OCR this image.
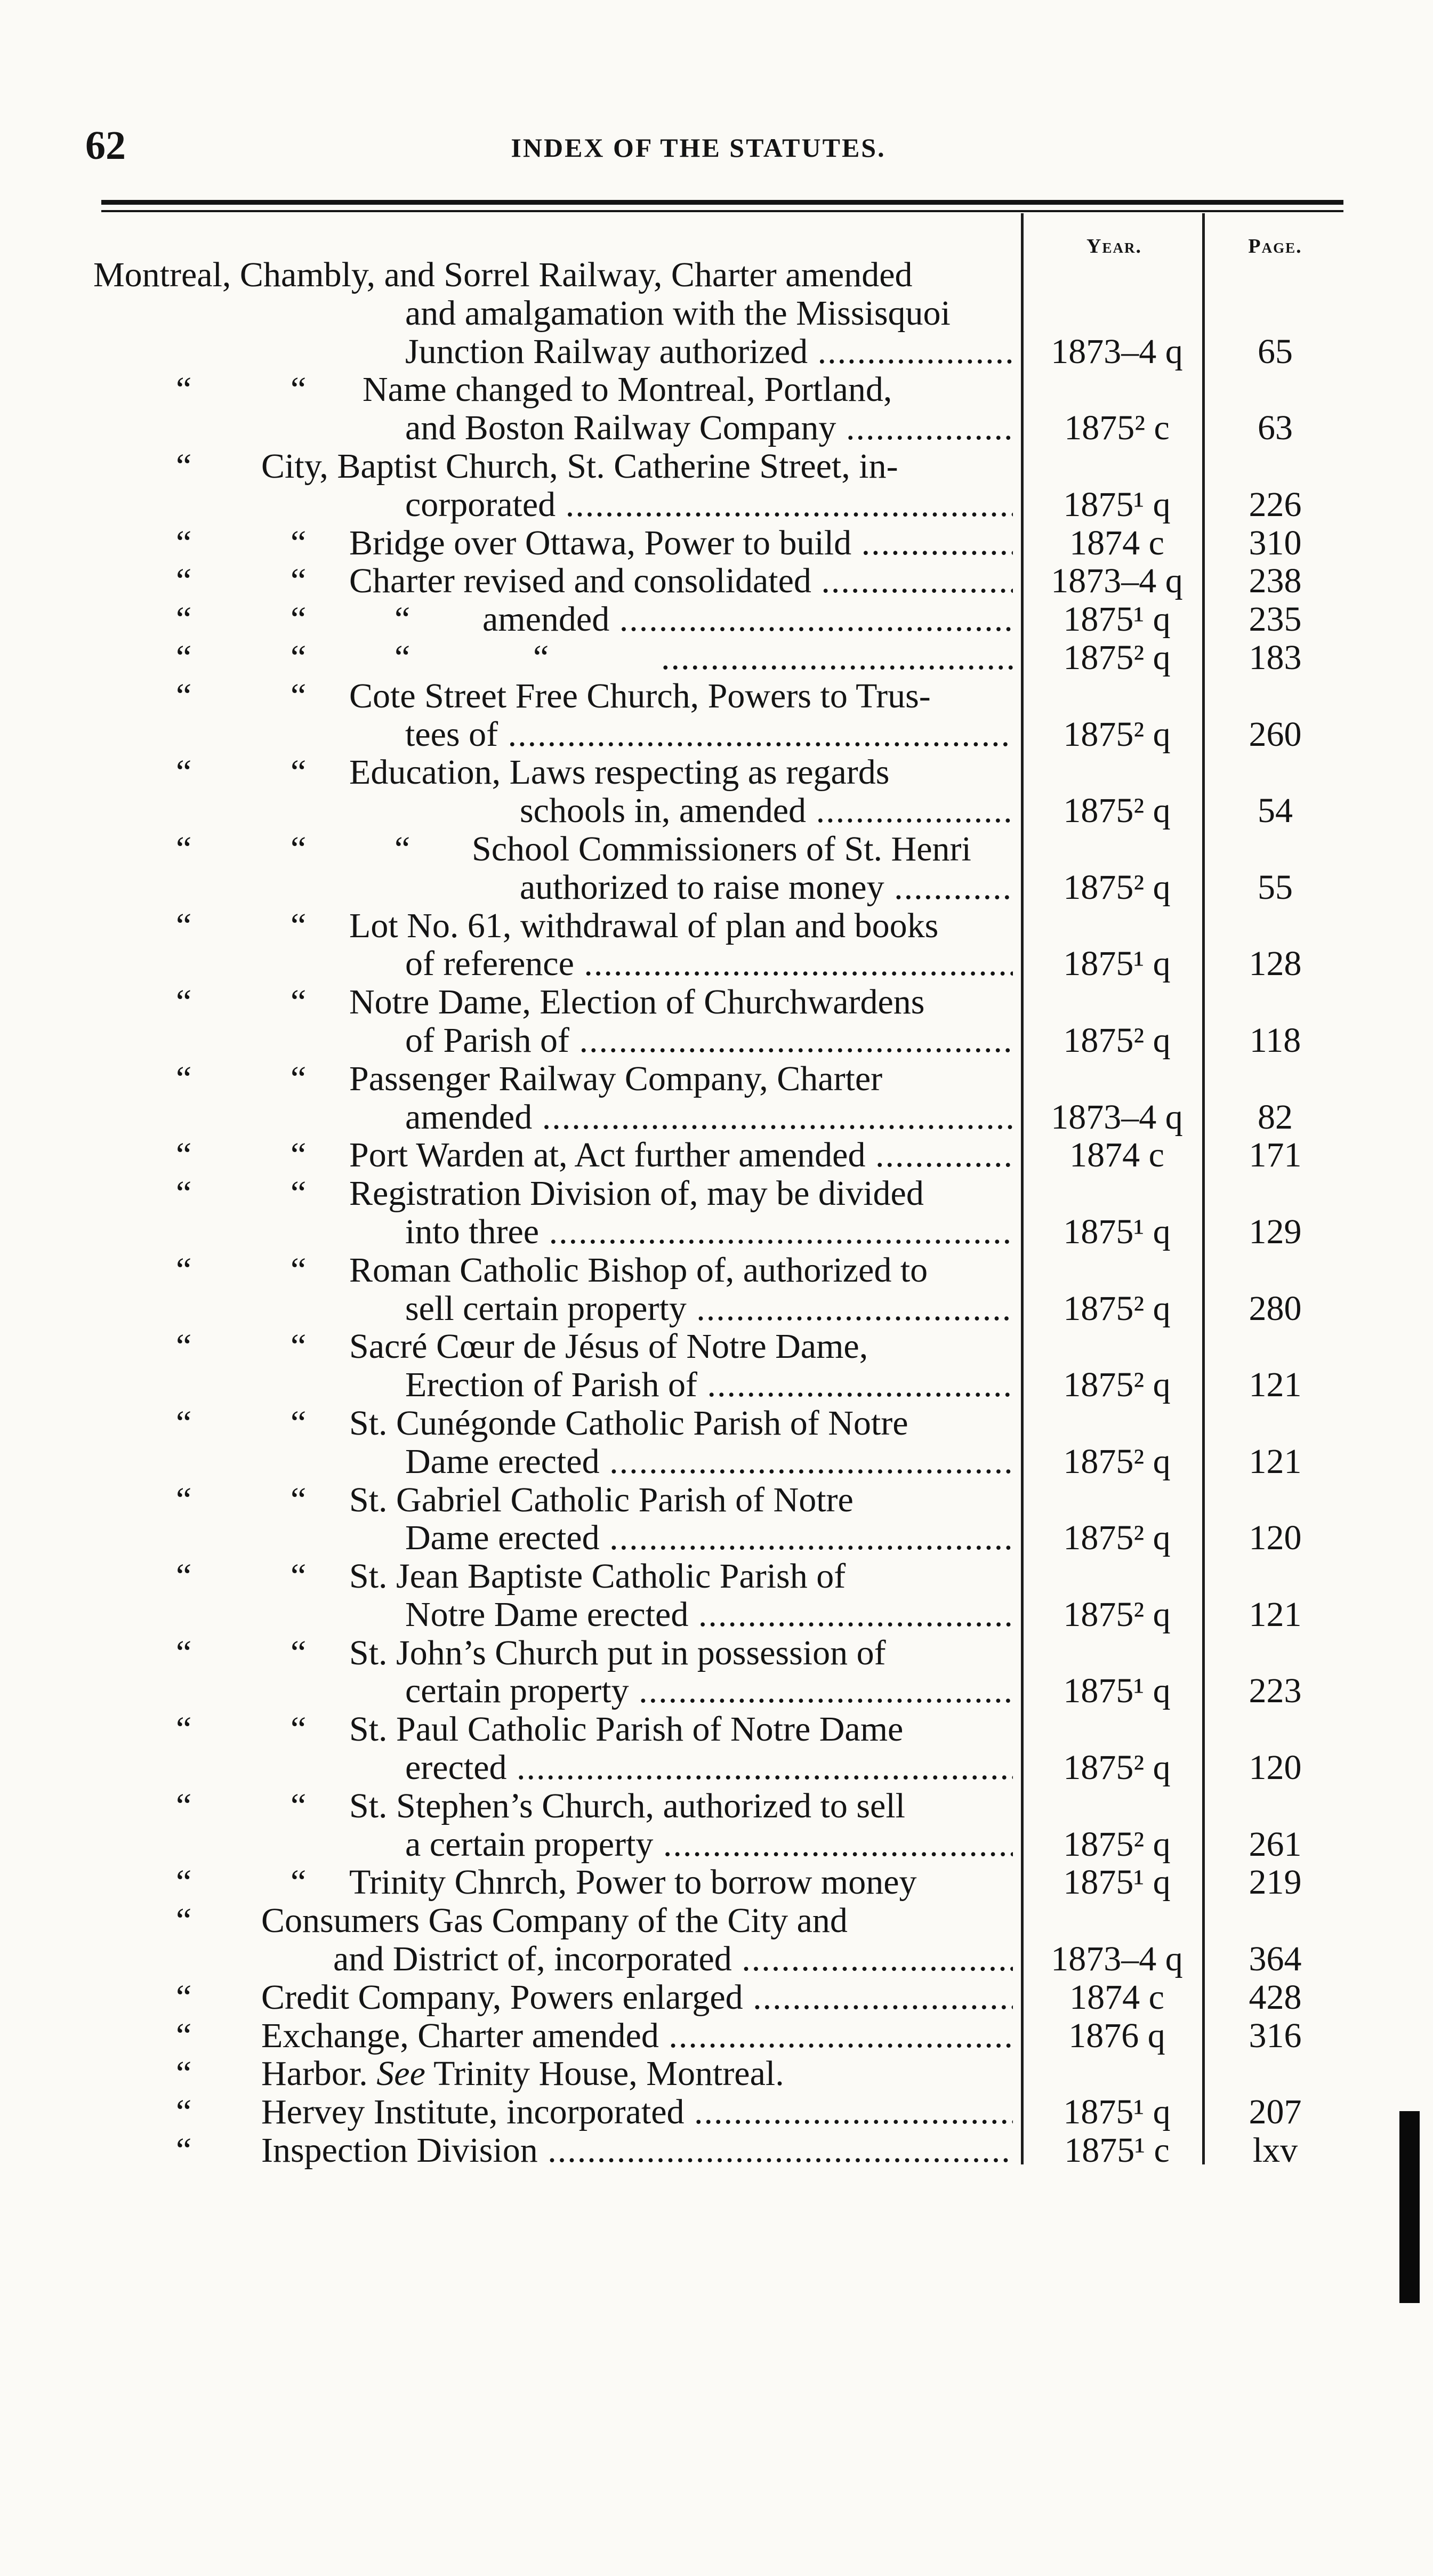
62	INDEX OF THE STATUTES.
Year.	Page.
Montreal, Chambly, and Sorrel Railway, Charter amended
and amalgamation with the Missisquoi
Junction Railway authorized .....	1873–4 q	65
“	“ Name changed to Montreal, Portland,
and Boston Railway Company .....	1875² c	63
“ City, Baptist Church, St. Catherine Street, in-
corporated .....	1875¹ q	226
“	“ Bridge over Ottawa, Power to build .....	1874 c	310
“	“ Charter revised and consolidated .....	1873–4 q	238
“	“	“ amended .....	1875¹ q	235
“	“	“	“
.....	1875² q	183
“	“ Cote Street Free Church, Powers to Trus-
tees of .....	1875² q	260
“	“ Education, Laws respecting as regards
schools in, amended .....	1875² q	54
“	“	“ School Commissioners of St. Henri
authorized to raise money .....	1875² q	55
“	“ Lot No. 61, withdrawal of plan and books
of reference .....	1875¹ q	128
“	“ Notre Dame, Election of Churchwardens
of Parish of .....	1875² q	118
“	“ Passenger Railway Company, Charter
amended .....	1873–4 q	82
“	“ Port Warden at, Act further amended .....	1874 c	171
“	“ Registration Division of, may be divided
into three .....	1875¹ q	129
“	“ Roman Catholic Bishop of, authorized to
sell certain property .....	1875² q	280
“	“ Sacré Cœur de Jésus of Notre Dame,
Erection of Parish of .....	1875² q	121
“	“ St. Cunégonde Catholic Parish of Notre
Dame erected .....	1875² q	121
“	“ St. Gabriel Catholic Parish of Notre
Dame erected .....	1875² q	120
“	“ St. Jean Baptiste Catholic Parish of
Notre Dame erected .....	1875² q	121
“	“ St. John’s Church put in possession of
certain property .....	1875¹ q	223
“	“ St. Paul Catholic Parish of Notre Dame
erected .....	1875² q	120
“	“ St. Stephen’s Church, authorized to sell
a certain property .....	1875² q	261
“	“ Trinity Chnrch, Power to borrow money	1875¹ q	219
“ Consumers Gas Company of the City and
and District of, incorporated .....	1873–4 q	364
“ Credit Company, Powers enlarged .....	1874 c	428
“ Exchange, Charter amended .....	1876 q	316
“ Harbor. See Trinity House, Montreal.
“ Hervey Institute, incorporated .....	1875¹ q	207
“ Inspection Division .....	1875¹ c	lxv
